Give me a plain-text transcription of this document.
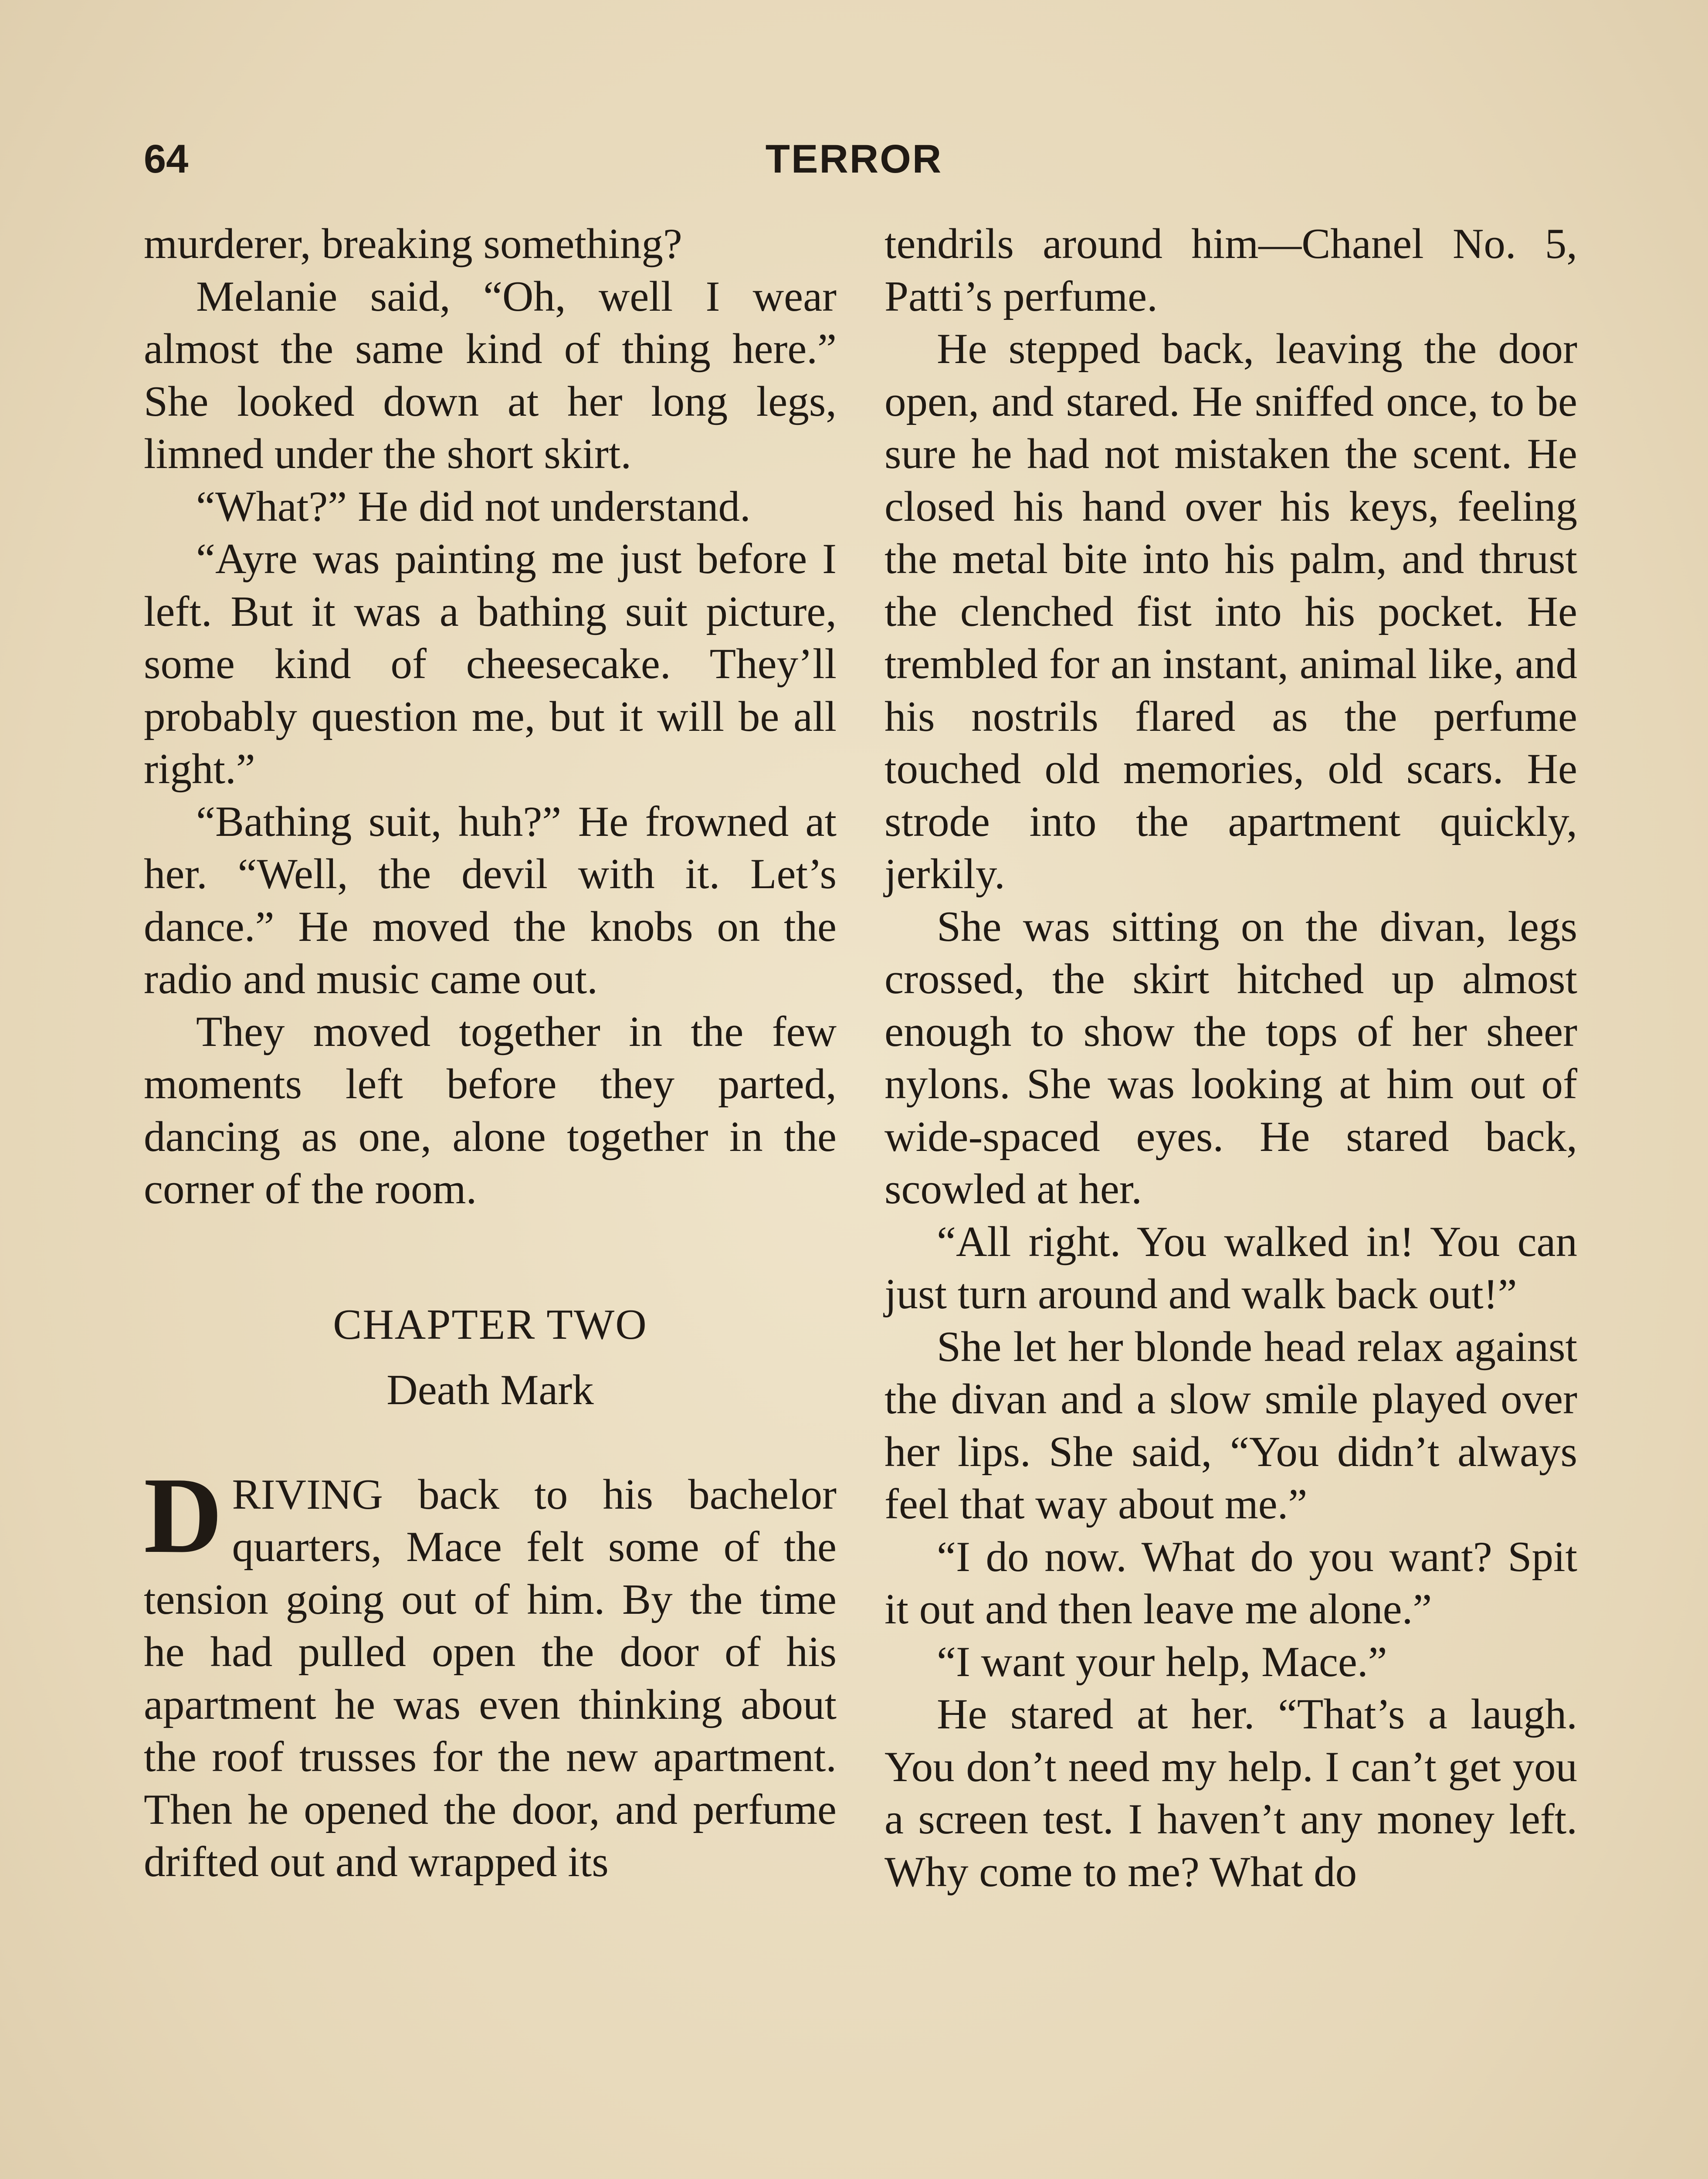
64	TERROR

murderer, breaking something?

Melanie said, “Oh, well I wear almost the same kind of thing here.” She looked down at her long legs, limned under the short skirt.

“What?” He did not understand.

“Ayre was painting me just before I left. But it was a bathing suit picture, some kind of cheesecake. They’ll probably question me, but it will be all right.”

“Bathing suit, huh?” He frowned at her. “Well, the devil with it. Let’s dance.” He moved the knobs on the radio and music came out.

They moved together in the few moments left before they parted, dancing as one, alone together in the corner of the room.

CHAPTER TWO
Death Mark

DRIVING back to his bachelor quarters, Mace felt some of the tension going out of him. By the time he had pulled open the door of his apartment he was even thinking about the roof trusses for the new apartment. Then he opened the door, and perfume drifted out and wrapped its

tendrils around him—Chanel No. 5, Patti’s perfume.

He stepped back, leaving the door open, and stared. He sniffed once, to be sure he had not mistaken the scent. He closed his hand over his keys, feeling the metal bite into his palm, and thrust the clenched fist into his pocket. He trembled for an instant, animal like, and his nostrils flared as the perfume touched old memories, old scars. He strode into the apartment quickly, jerkily.

She was sitting on the divan, legs crossed, the skirt hitched up almost enough to show the tops of her sheer nylons. She was looking at him out of wide-spaced eyes. He stared back, scowled at her.

“All right. You walked in! You can just turn around and walk back out!”

She let her blonde head relax against the divan and a slow smile played over her lips. She said, “You didn’t always feel that way about me.”

“I do now. What do you want? Spit it out and then leave me alone.”

“I want your help, Mace.”

He stared at her. “That’s a laugh. You don’t need my help. I can’t get you a screen test. I haven’t any money left. Why come to me? What do
